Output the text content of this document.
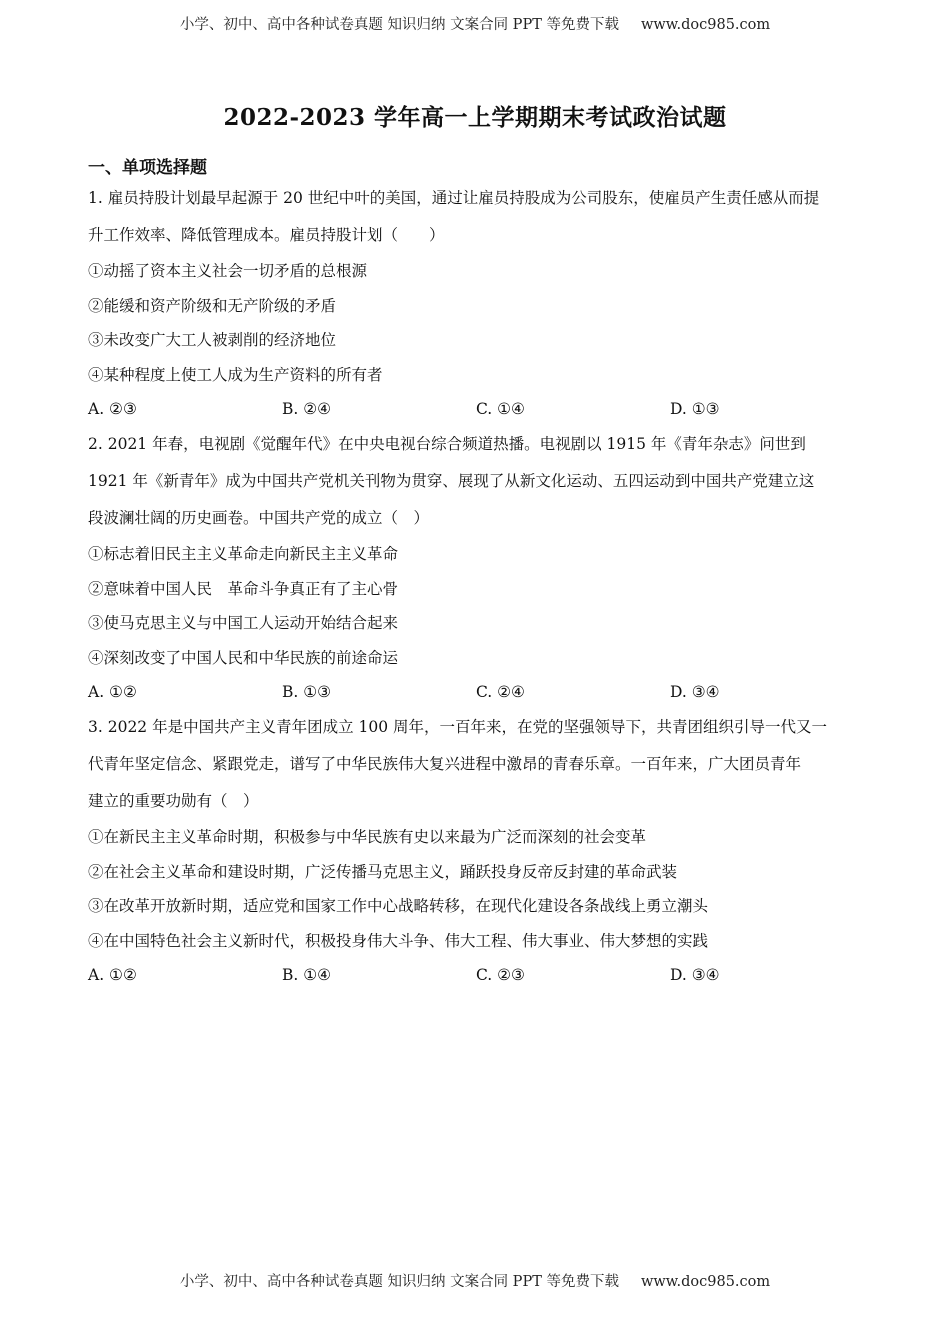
小学、初中、高中各种试卷真题 知识归纳 文案合同 PPT 等免费下载 www.doc985.com
2022-2023 学年高一上学期期末考试政治试题
一、单项选择题
1. 雇员持股计划最早起源于 20 世纪中叶的美国，通过让雇员持股成为公司股东，使雇员产生责任感从而提
升工作效率、降低管理成本。雇员持股计划（　　）
①动摇了资本主义社会一切矛盾的总根源
②能缓和资产阶级和无产阶级的矛盾
③未改变广大工人被剥削的经济地位
④某种程度上使工人成为生产资料的所有者
A. ②③	B. ②④	C. ①④	D. ①③
2. 2021 年春，电视剧《觉醒年代》在中央电视台综合频道热播。电视剧以 1915 年《青年杂志》问世到
1921 年《新青年》成为中国共产党机关刊物为贯穿、展现了从新文化运动、五四运动到中国共产党建立这
段波澜壮阔的历史画卷。中国共产党的成立（　）
①标志着旧民主主义革命走向新民主主义革命
②意味着中国人民　革命斗争真正有了主心骨
③使马克思主义与中国工人运动开始结合起来
④深刻改变了中国人民和中华民族的前途命运
A. ①②	B. ①③	C. ②④	D. ③④
3. 2022 年是中国共产主义青年团成立 100 周年，一百年来，在党的坚强领导下，共青团组织引导一代又一
代青年坚定信念、紧跟党走，谱写了中华民族伟大复兴进程中激昂的青春乐章。一百年来，广大团员青年
建立的重要功勋有（　）
①在新民主主义革命时期，积极参与中华民族有史以来最为广泛而深刻的社会变革
②在社会主义革命和建设时期，广泛传播马克思主义，踊跃投身反帝反封建的革命武装
③在改革开放新时期，适应党和国家工作中心战略转移，在现代化建设各条战线上勇立潮头
④在中国特色社会主义新时代，积极投身伟大斗争、伟大工程、伟大事业、伟大梦想的实践
A. ①②	B. ①④	C. ②③	D. ③④
小学、初中、高中各种试卷真题 知识归纳 文案合同 PPT 等免费下载 www.doc985.com
